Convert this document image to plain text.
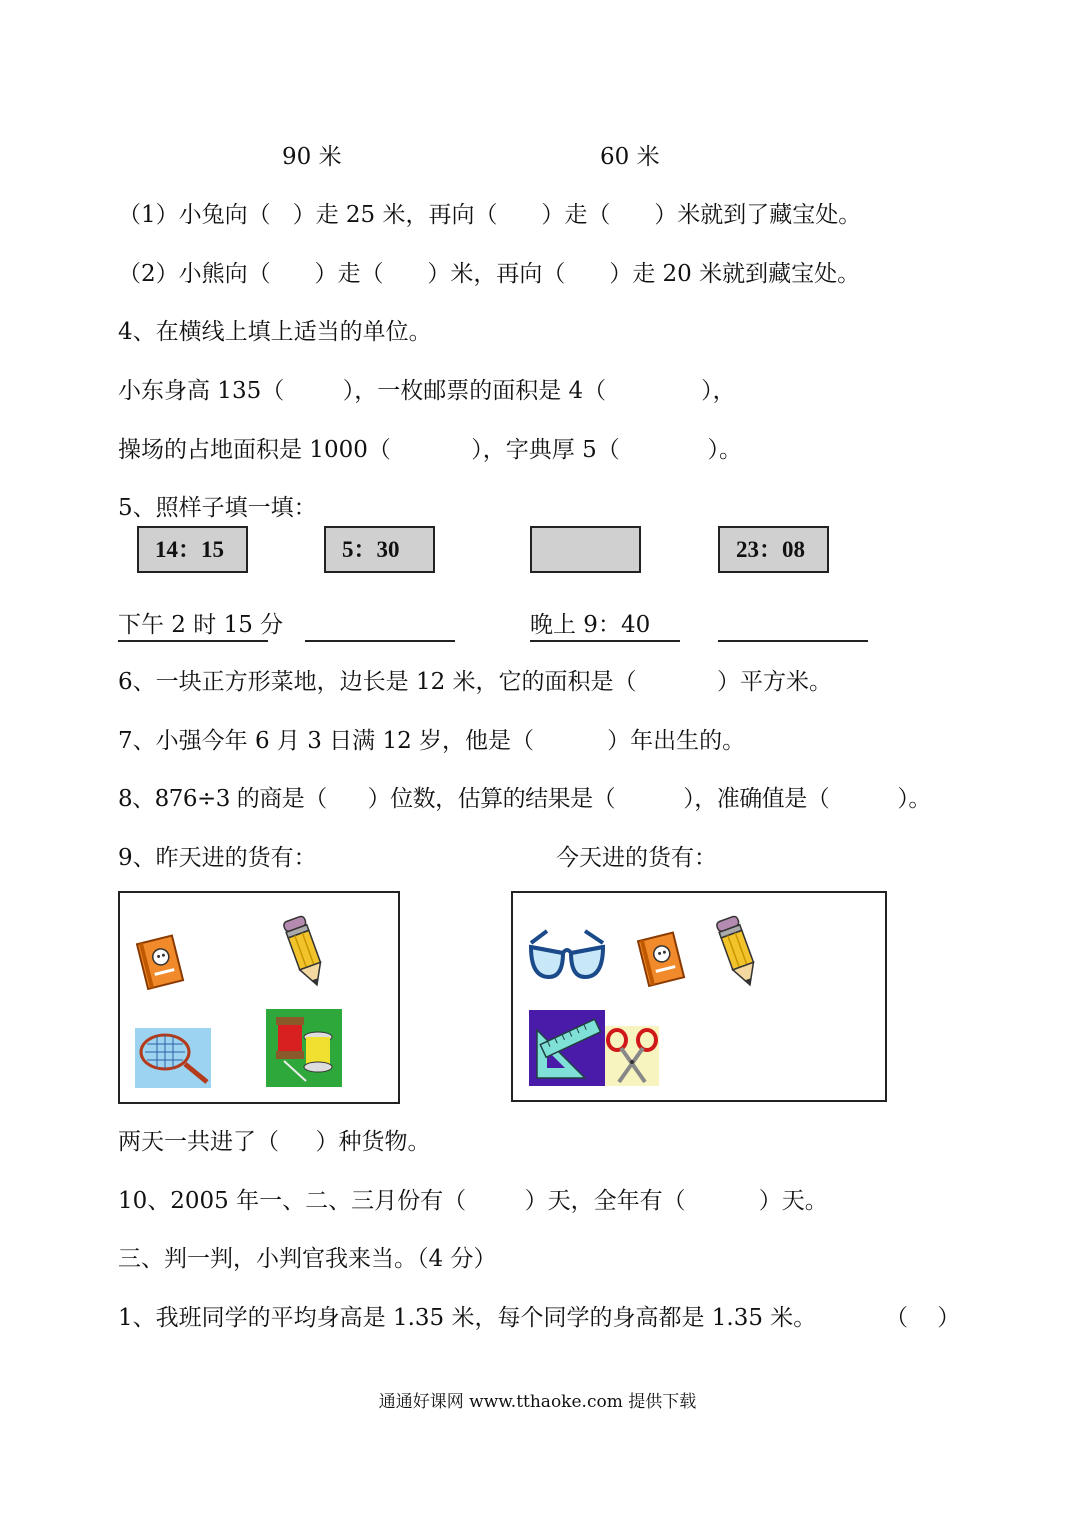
90 米	60 米
（1）小兔向（   ）走 25 米，再向（      ）走（      ）米就到了藏宝处。
（2）小熊向（      ）走（      ）米，再向（      ）走 20 米就到藏宝处。
4、在横线上填上适当的单位。
小东身高 135（        ），一枚邮票的面积是 4（             ），
操场的占地面积是 1000（           ），字典厚 5（            ）。
5、照样子填一填：
14：15	5：30	23：08
下午 2 时 15 分	晚上 9：40
6、一块正方形菜地，边长是 12 米，它的面积是（           ）平方米。
7、小强今年 6 月 3 日满 12 岁，他是（          ）年出生的。
8、876÷3 的商是（      ）位数，估算的结果是（          ），准确值是（          ）。
9、昨天进的货有：	今天进的货有：
两天一共进了（     ）种货物。
10、2005 年一、二、三月份有（        ）天，全年有（          ）天。
三、判一判，小判官我来当。（4 分）
1、我班同学的平均身高是 1.35 米，每个同学的身高都是 1.35 米。	（    ）
通通好课网 www.tthaoke.com 提供下载
